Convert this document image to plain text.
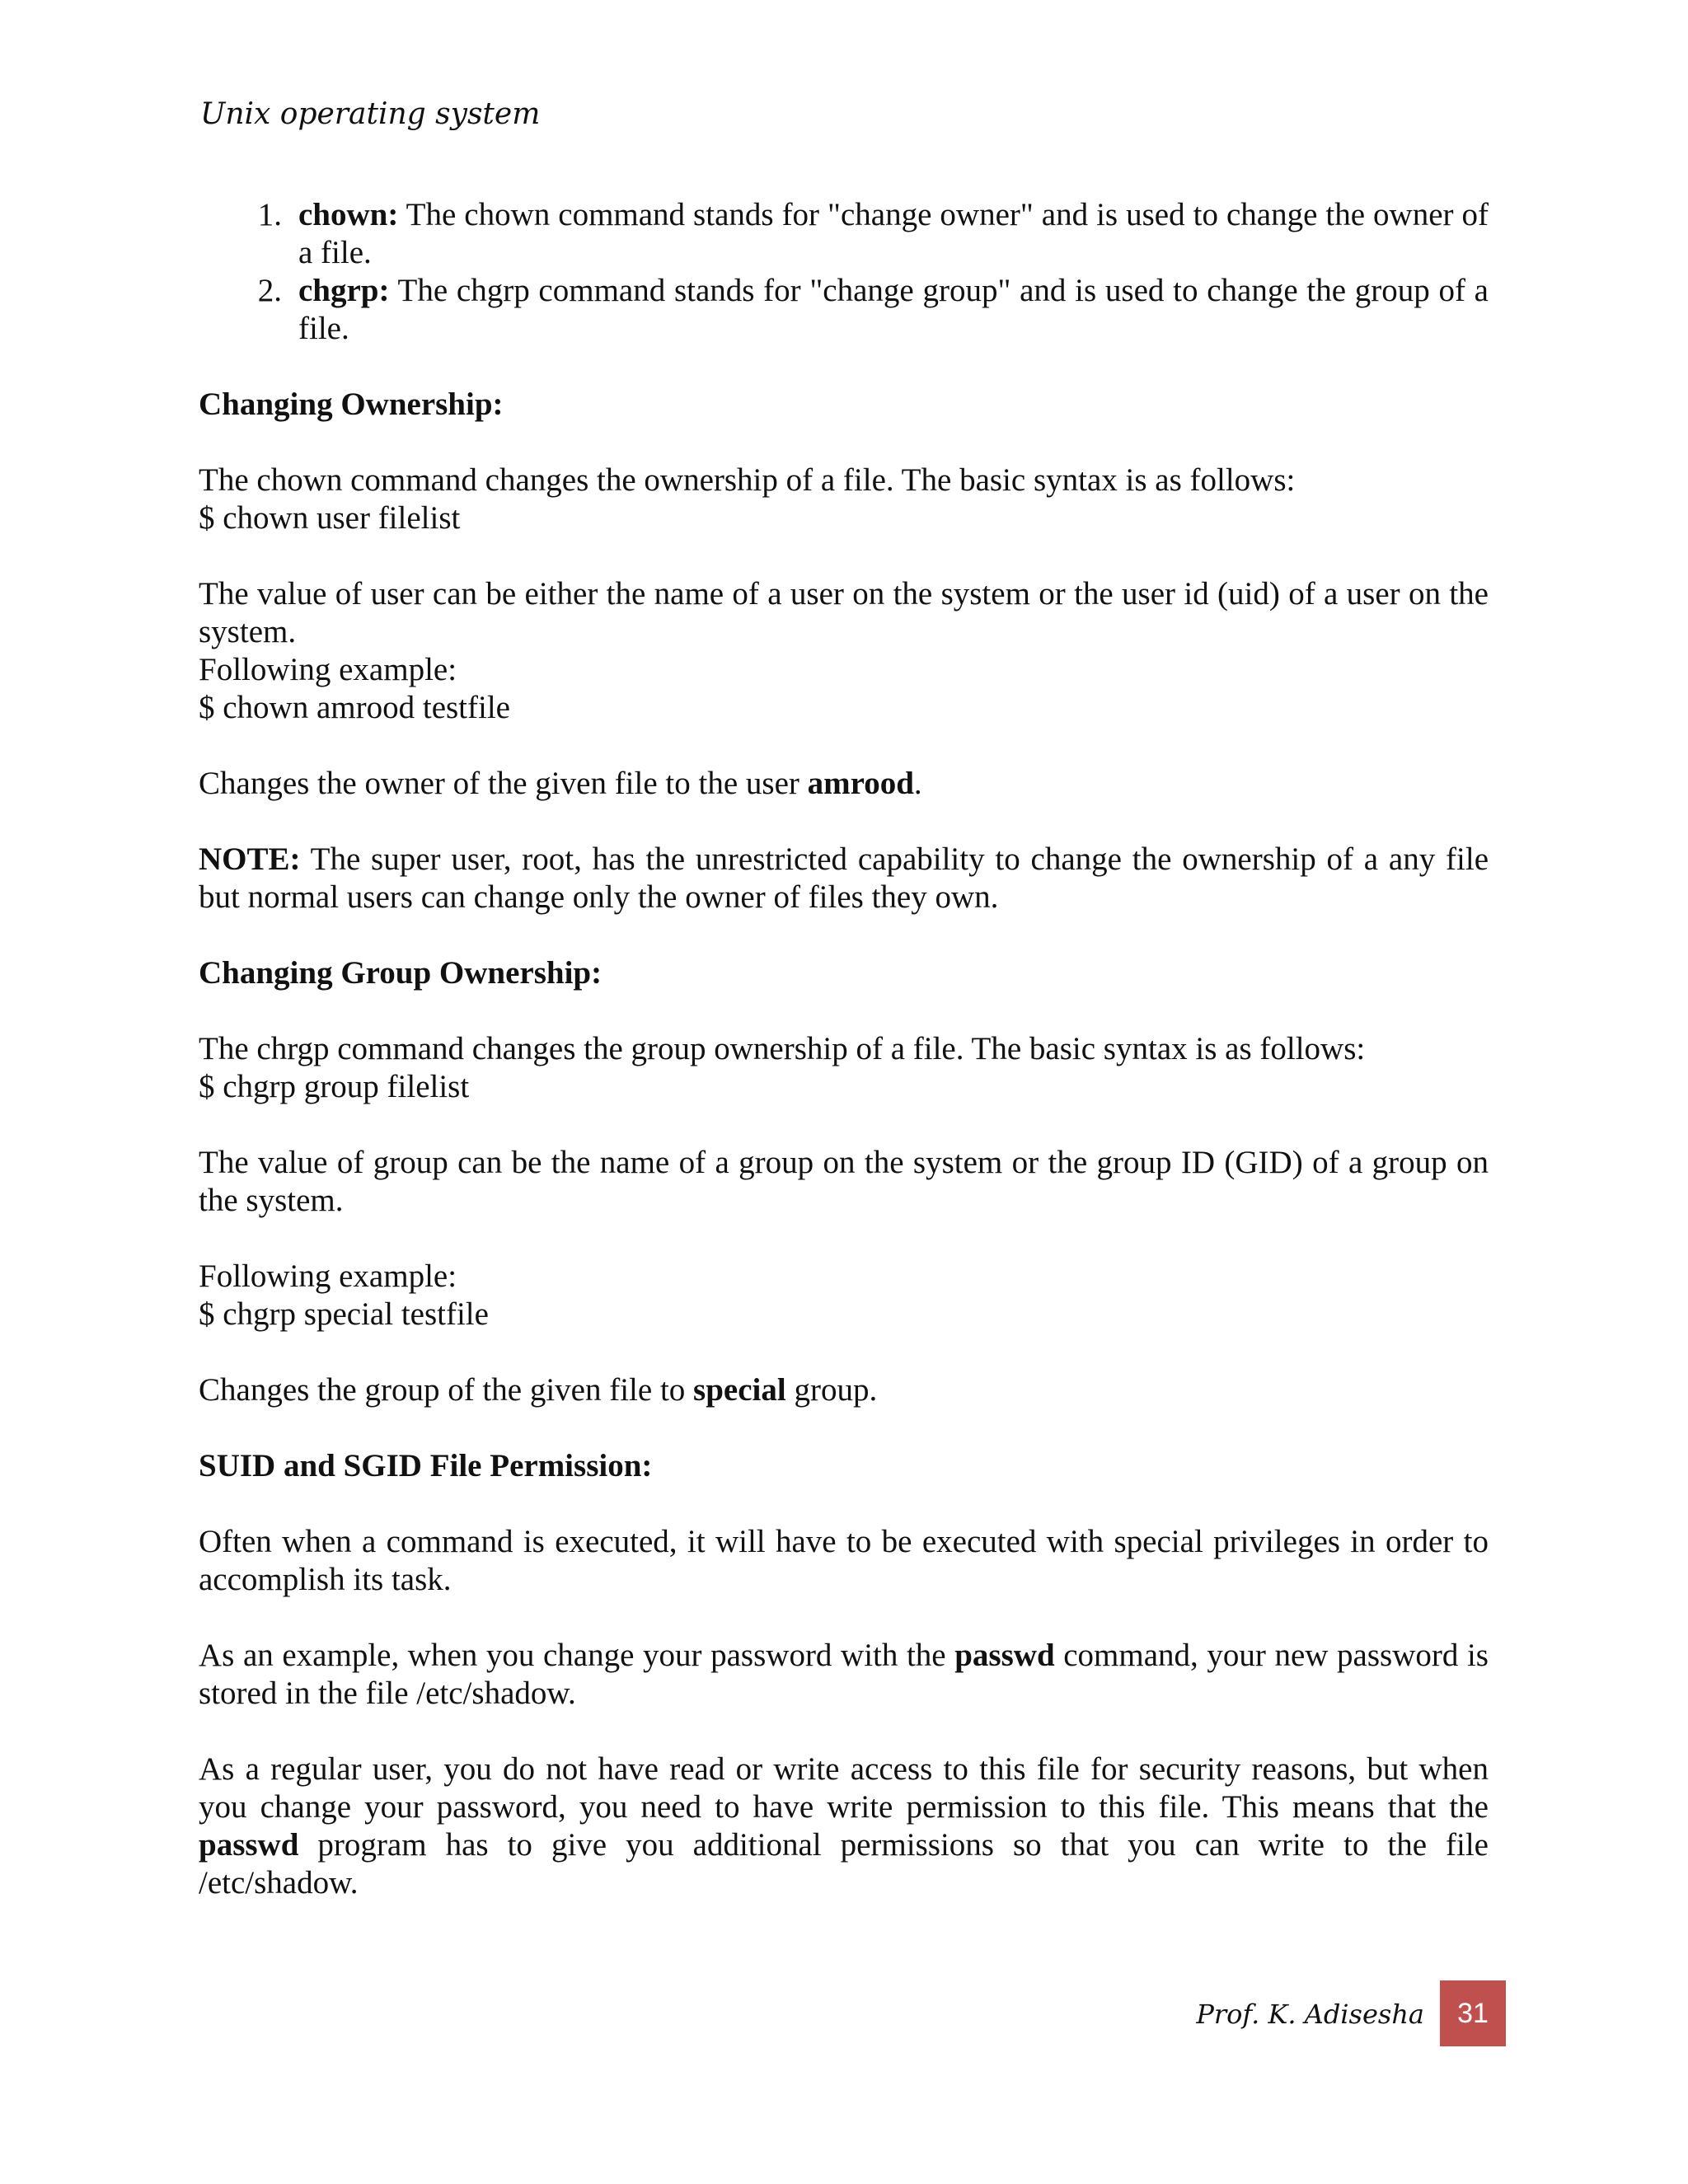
Unix operating system
1. chown: The chown command stands for "change owner" and is used to change the owner of a file.
2. chgrp: The chgrp command stands for "change group" and is used to change the group of a file.

Changing Ownership:

The chown command changes the ownership of a file. The basic syntax is as follows:

$ chown user filelist

The value of user can be either the name of a user on the system or the user id (uid) of a user on the system.

Following example:

$ chown amrood testfile

Changes the owner of the given file to the user amrood.

NOTE: The super user, root, has the unrestricted capability to change the ownership of a any file but normal users can change only the owner of files they own.

Changing Group Ownership:

The chrgp command changes the group ownership of a file. The basic syntax is as follows:

$ chgrp group filelist

The value of group can be the name of a group on the system or the group ID (GID) of a group on the system.

Following example:

$ chgrp special testfile

Changes the group of the given file to special group.

SUID and SGID File Permission:

Often when a command is executed, it will have to be executed with special privileges in order to accomplish its task.

As an example, when you change your password with the passwd command, your new password is stored in the file /etc/shadow.

As a regular user, you do not have read or write access to this file for security reasons, but when

you change your password, you need to have write permission to this file. This means that the

passwd program has to give you additional permissions so that you can write to the file

/etc/shadow.

Prof. K. Adisesha	31
